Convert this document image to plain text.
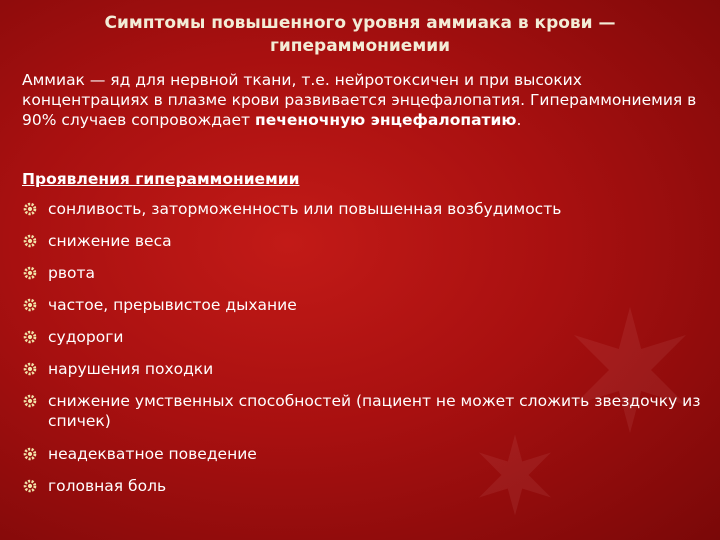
Симптомы повышенного уровня аммиака в крови — гипераммониемии
Аммиак — яд для нервной ткани, т.е. нейротоксичен и при высоких концентрациях в плазме крови развивается энцефалопатия. Гипераммониемия в 90% случаев сопровождает печеночную энцефалопатию.
Проявления гипераммониемии
сонливость, заторможенность или повышенная возбудимость
снижение веса
рвота
частое, прерывистое дыхание
судороги
нарушения походки
снижение умственных способностей (пациент не может сложить звездочку из спичек)
неадекватное поведение
головная боль
